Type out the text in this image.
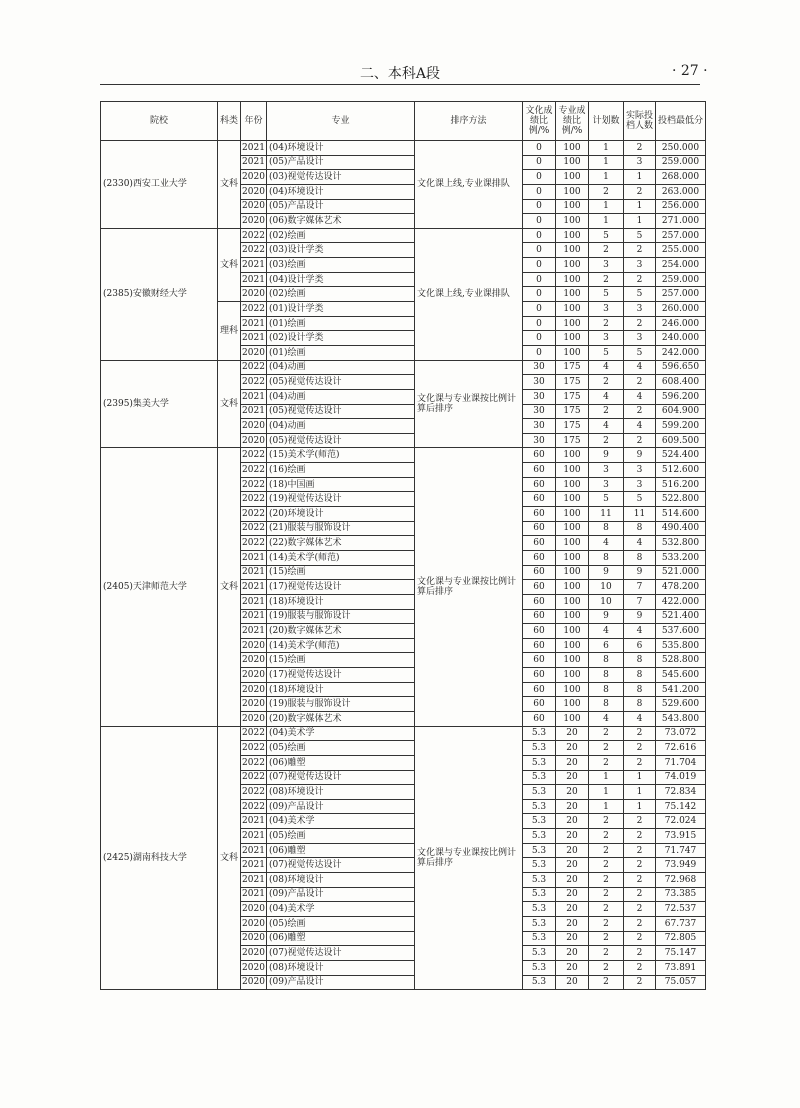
二、本科A段	· 27 ·
院校	科类	年份	专业	排序方法	文化成绩比例/%	专业成绩比例/%	计划数	实际投档人数	投档最低分
(2330)西安工业大学	文科	2021	(04)环境设计	文化课上线,专业课排队	0	100	1	2	250.000
		2021	(05)产品设计		0	100	1	3	259.000
		2020	(03)视觉传达设计		0	100	1	1	268.000
		2020	(04)环境设计		0	100	2	2	263.000
		2020	(05)产品设计		0	100	1	1	256.000
		2020	(06)数字媒体艺术		0	100	1	1	271.000
(2385)安徽财经大学	文科	2022	(02)绘画	文化课上线,专业课排队	0	100	5	5	257.000
		2022	(03)设计学类		0	100	2	2	255.000
		2021	(03)绘画		0	100	3	3	254.000
		2021	(04)设计学类		0	100	2	2	259.000
		2020	(02)绘画		0	100	5	5	257.000
	理科	2022	(01)设计学类		0	100	3	3	260.000
		2021	(01)绘画		0	100	2	2	246.000
		2021	(02)设计学类		0	100	3	3	240.000
		2020	(01)绘画		0	100	5	5	242.000
(2395)集美大学	文科	2022	(04)动画	文化课与专业课按比例计算后排序	30	175	4	4	596.650
		2022	(05)视觉传达设计		30	175	2	2	608.400
		2021	(04)动画		30	175	4	4	596.200
		2021	(05)视觉传达设计		30	175	2	2	604.900
		2020	(04)动画		30	175	4	4	599.200
		2020	(05)视觉传达设计		30	175	2	2	609.500
(2405)天津师范大学	文科	2022	(15)美术学(师范)	文化课与专业课按比例计算后排序	60	100	9	9	524.400
		2022	(16)绘画		60	100	3	3	512.600
		2022	(18)中国画		60	100	3	3	516.200
		2022	(19)视觉传达设计		60	100	5	5	522.800
		2022	(20)环境设计		60	100	11	11	514.600
		2022	(21)服装与服饰设计		60	100	8	8	490.400
		2022	(22)数字媒体艺术		60	100	4	4	532.800
		2021	(14)美术学(师范)		60	100	8	8	533.200
		2021	(15)绘画		60	100	9	9	521.000
		2021	(17)视觉传达设计		60	100	10	7	478.200
		2021	(18)环境设计		60	100	10	7	422.000
		2021	(19)服装与服饰设计		60	100	9	9	521.400
		2021	(20)数字媒体艺术		60	100	4	4	537.600
		2020	(14)美术学(师范)		60	100	6	6	535.800
		2020	(15)绘画		60	100	8	8	528.800
		2020	(17)视觉传达设计		60	100	8	8	545.600
		2020	(18)环境设计		60	100	8	8	541.200
		2020	(19)服装与服饰设计		60	100	8	8	529.600
		2020	(20)数字媒体艺术		60	100	4	4	543.800
(2425)湖南科技大学	文科	2022	(04)美术学	文化课与专业课按比例计算后排序	5.3	20	2	2	73.072
		2022	(05)绘画		5.3	20	2	2	72.616
		2022	(06)雕塑		5.3	20	2	2	71.704
		2022	(07)视觉传达设计		5.3	20	1	1	74.019
		2022	(08)环境设计		5.3	20	1	1	72.834
		2022	(09)产品设计		5.3	20	1	1	75.142
		2021	(04)美术学		5.3	20	2	2	72.024
		2021	(05)绘画		5.3	20	2	2	73.915
		2021	(06)雕塑		5.3	20	2	2	71.747
		2021	(07)视觉传达设计		5.3	20	2	2	73.949
		2021	(08)环境设计		5.3	20	2	2	72.968
		2021	(09)产品设计		5.3	20	2	2	73.385
		2020	(04)美术学		5.3	20	2	2	72.537
		2020	(05)绘画		5.3	20	2	2	67.737
		2020	(06)雕塑		5.3	20	2	2	72.805
		2020	(07)视觉传达设计		5.3	20	2	2	75.147
		2020	(08)环境设计		5.3	20	2	2	73.891
		2020	(09)产品设计		5.3	20	2	2	75.057
